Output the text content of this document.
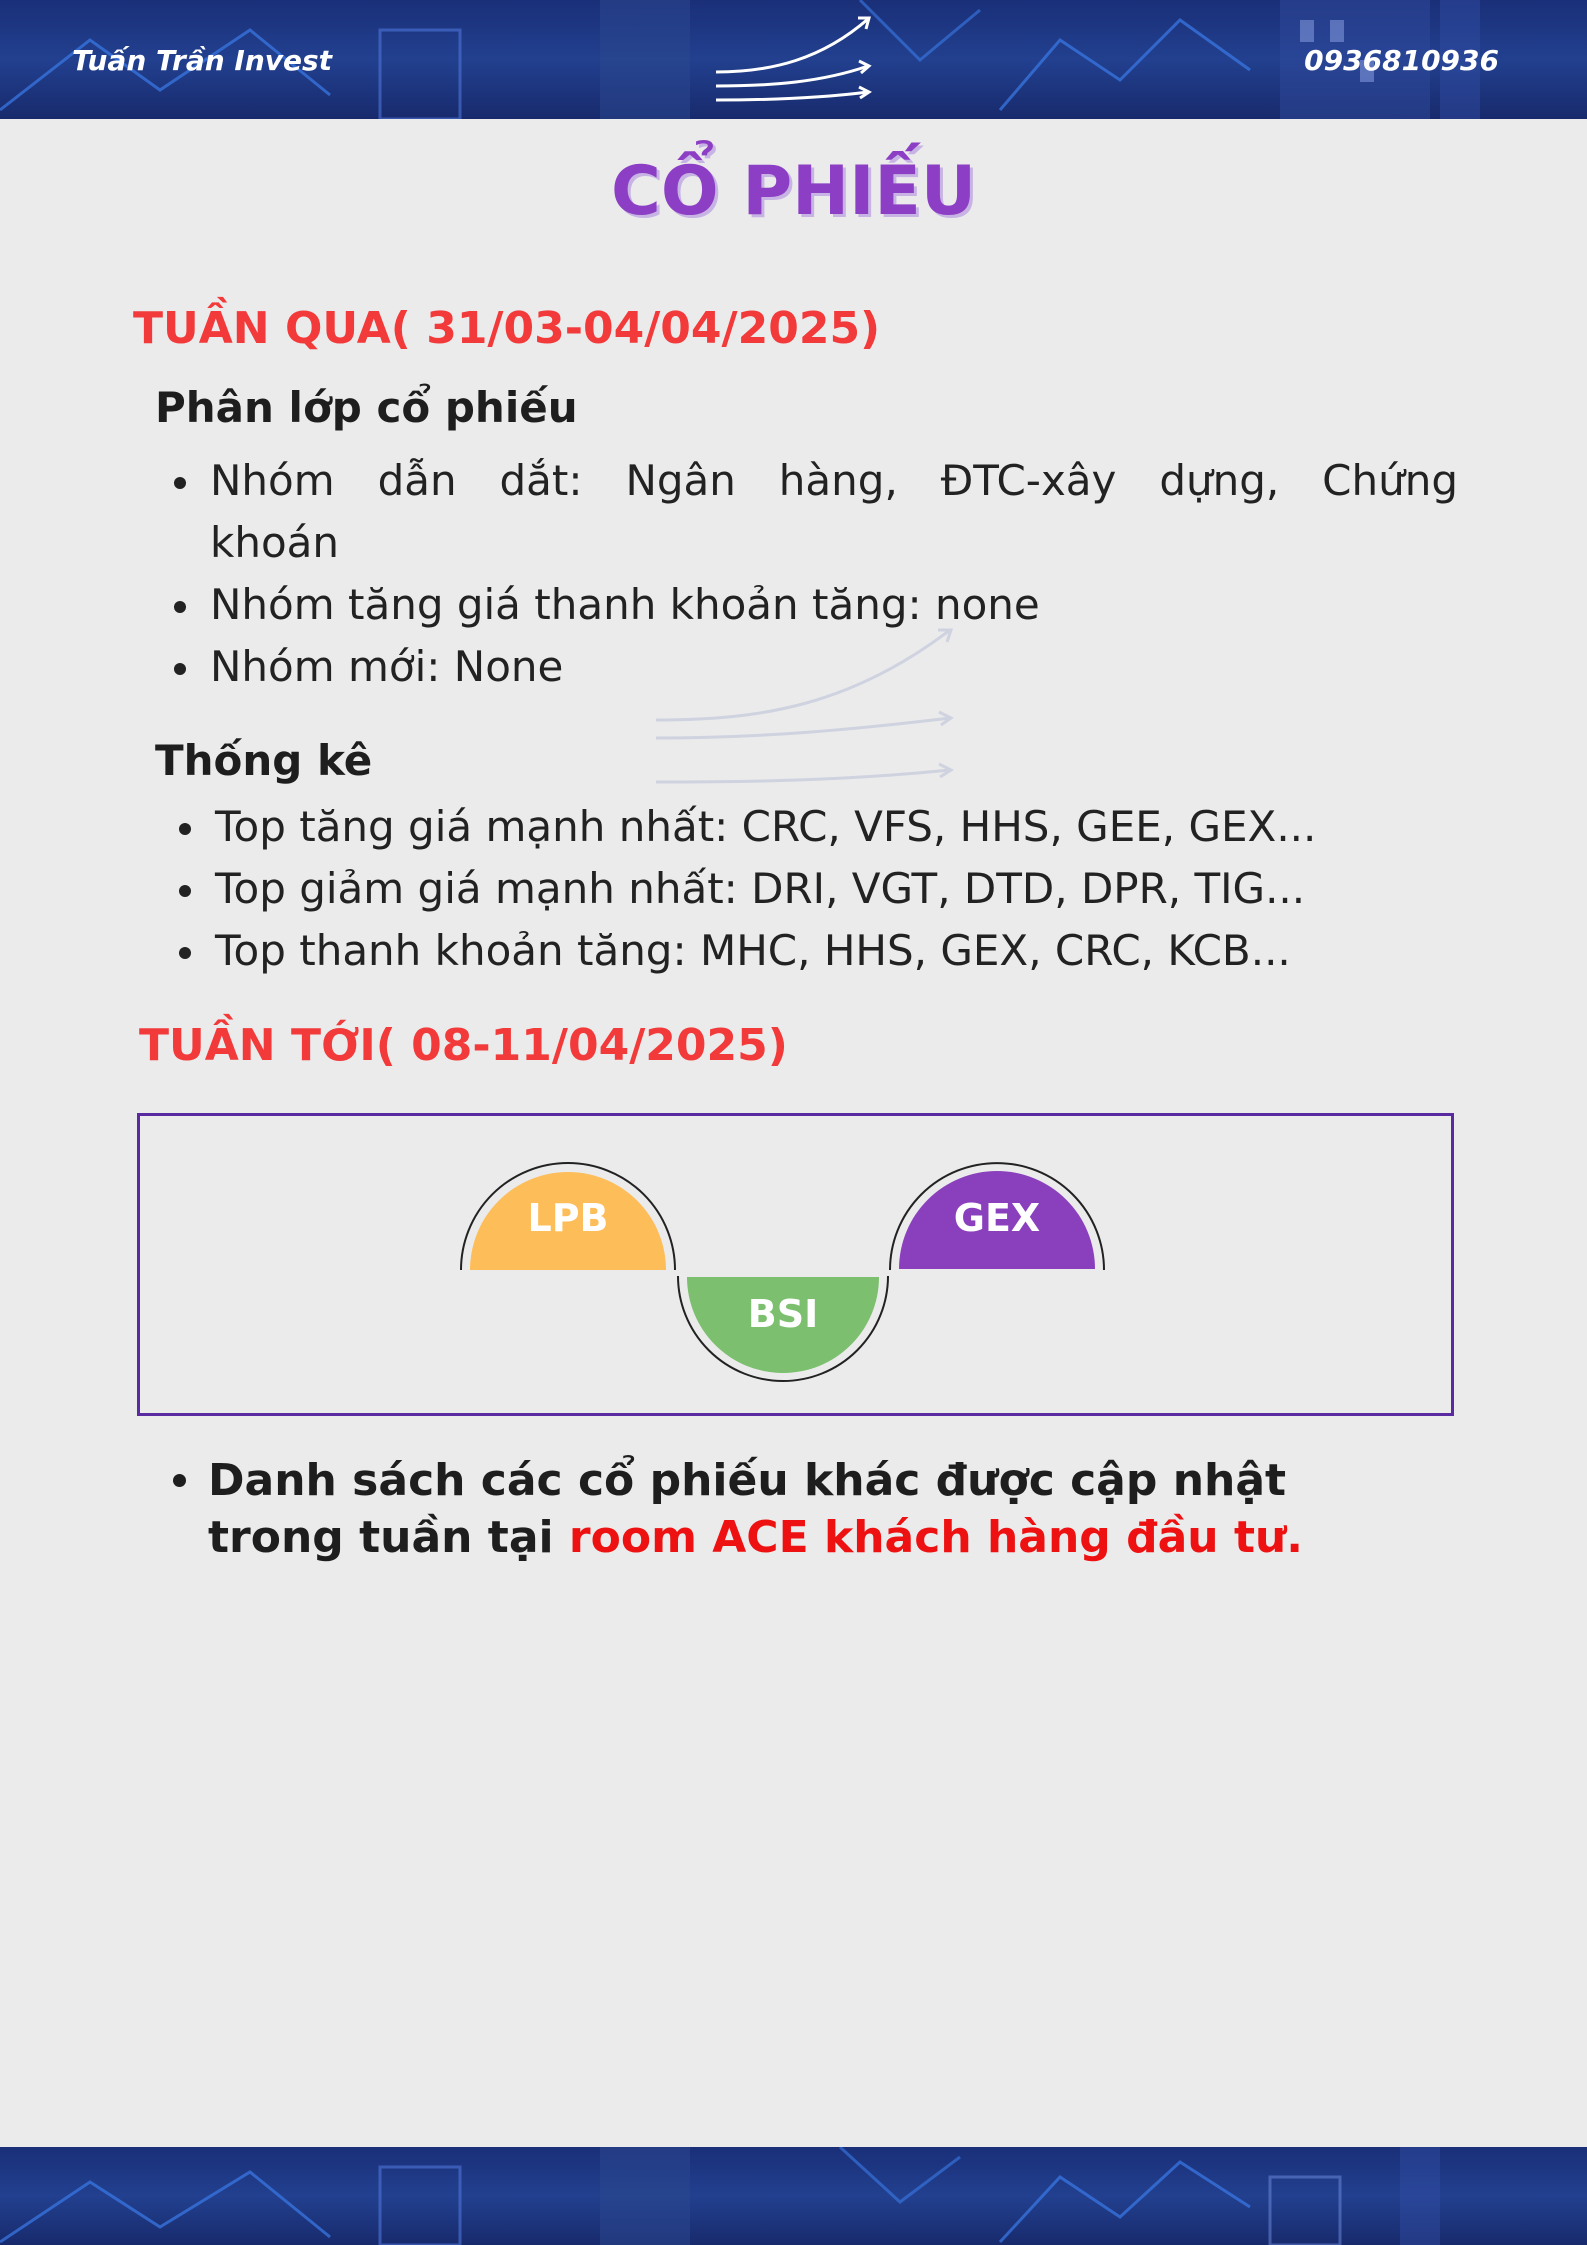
Tuấn Trần Invest	0936810936
CỔ PHIẾU
TUẦN QUA( 31/03-04/04/2025)
Phân lớp cổ phiếu
Nhóm dẫn dắt: Ngân hàng, ĐTC-xây dựng, Chứng
khoán
Nhóm tăng giá thanh khoản tăng: none
Nhóm mới: None
Thống kê
Top tăng giá mạnh nhất: CRC, VFS, HHS, GEE, GEX...
Top giảm giá mạnh nhất: DRI, VGT, DTD, DPR, TIG...
Top thanh khoản tăng: MHC, HHS, GEX, CRC, KCB...
TUẦN TỚI( 08-11/04/2025)
LPB
BSI
GEX
Danh sách các cổ phiếu khác được cập nhật trong tuần tại room ACE khách hàng đầu tư.
